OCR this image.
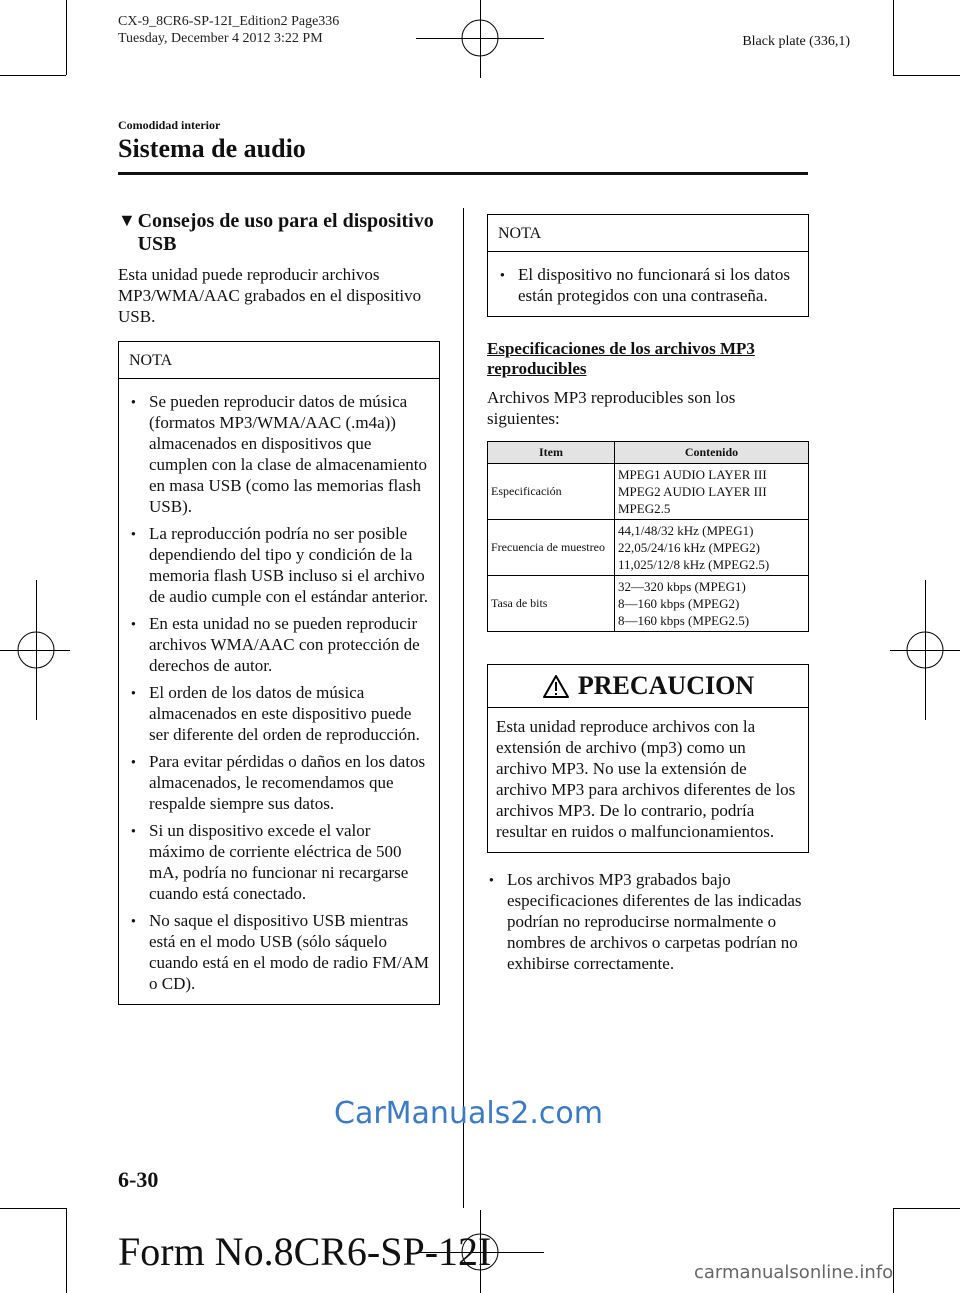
CX-9_8CR6-SP-12I_Edition2 Page336
Tuesday, December 4 2012 3:22 PM	Black plate (336,1)
Comodidad interior
Sistema de audio
▼ Consejos de uso para el dispositivo USB

Esta unidad puede reproducir archivos MP3/WMA/AAC grabados en el dispositivo USB.

NOTA
● Se pueden reproducir datos de música (formatos MP3/WMA/AAC (.m4a)) almacenados en dispositivos que cumplen con la clase de almacenamiento en masa USB (como las memorias flash USB).
● La reproducción podría no ser posible dependiendo del tipo y condición de la memoria flash USB incluso si el archivo de audio cumple con el estándar anterior.
● En esta unidad no se pueden reproducir archivos WMA/AAC con protección de derechos de autor.
● El orden de los datos de música almacenados en este dispositivo puede ser diferente del orden de reproducción.
● Para evitar pérdidas o daños en los datos almacenados, le recomendamos que respalde siempre sus datos.
● Si un dispositivo excede el valor máximo de corriente eléctrica de 500 mA, podría no funcionar ni recargarse cuando está conectado.
● No saque el dispositivo USB mientras está en el modo USB (sólo sáquelo cuando está en el modo de radio FM/AM o CD).
NOTA
● El dispositivo no funcionará si los datos están protegidos con una contraseña.
Especificaciones de los archivos MP3 reproducibles

Archivos MP3 reproducibles son los siguientes:

Item	Contenido
Especificación	MPEG1 AUDIO LAYER III
MPEG2 AUDIO LAYER III
MPEG2.5

Frecuencia de muestreo	44,1/48/32 kHz (MPEG1)
22,05/24/16 kHz (MPEG2)
11,025/12/8 kHz (MPEG2.5)

Tasa de bits	32―320 kbps (MPEG1)
8―160 kbps (MPEG2)
8―160 kbps (MPEG2.5)
PRECAUCION
Esta unidad reproduce archivos con la extensión de archivo (mp3) como un archivo MP3. No use la extensión de archivo MP3 para archivos diferentes de los archivos MP3. De lo contrario, podría resultar en ruidos o malfuncionamientos.
● Los archivos MP3 grabados bajo especificaciones diferentes de las indicadas podrían no reproducirse normalmente o nombres de archivos o carpetas podrían no exhibirse correctamente.
CarManuals2.com
6-30
Form No.8CR6-SP-12I	carmanualsonline.info
